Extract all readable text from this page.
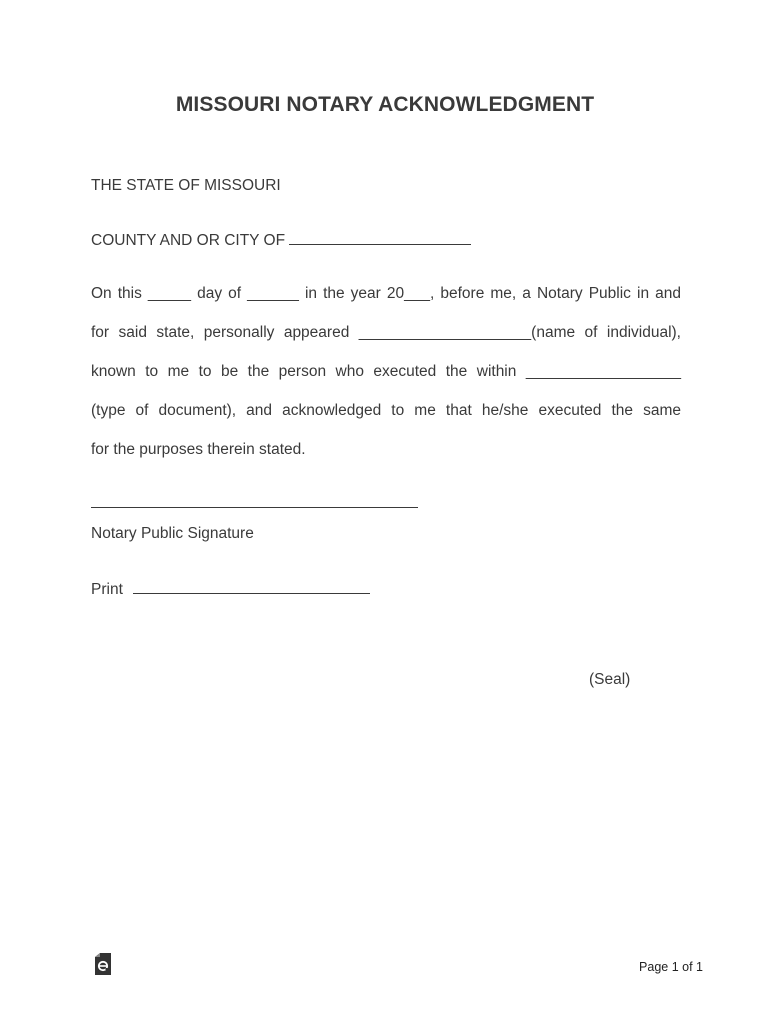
MISSOURI NOTARY ACKNOWLEDGMENT
THE STATE OF MISSOURI
COUNTY AND OR CITY OF
On this _____ day of ______ in the year 20___, before me, a Notary Public in and
for said state, personally appeared ____________________(name of individual),
known to me to be the person who executed the within __________________
(type of document), and acknowledged to me that he/she executed the same
for the purposes therein stated.
Notary Public Signature
Print
(Seal)
Page 1 of 1
